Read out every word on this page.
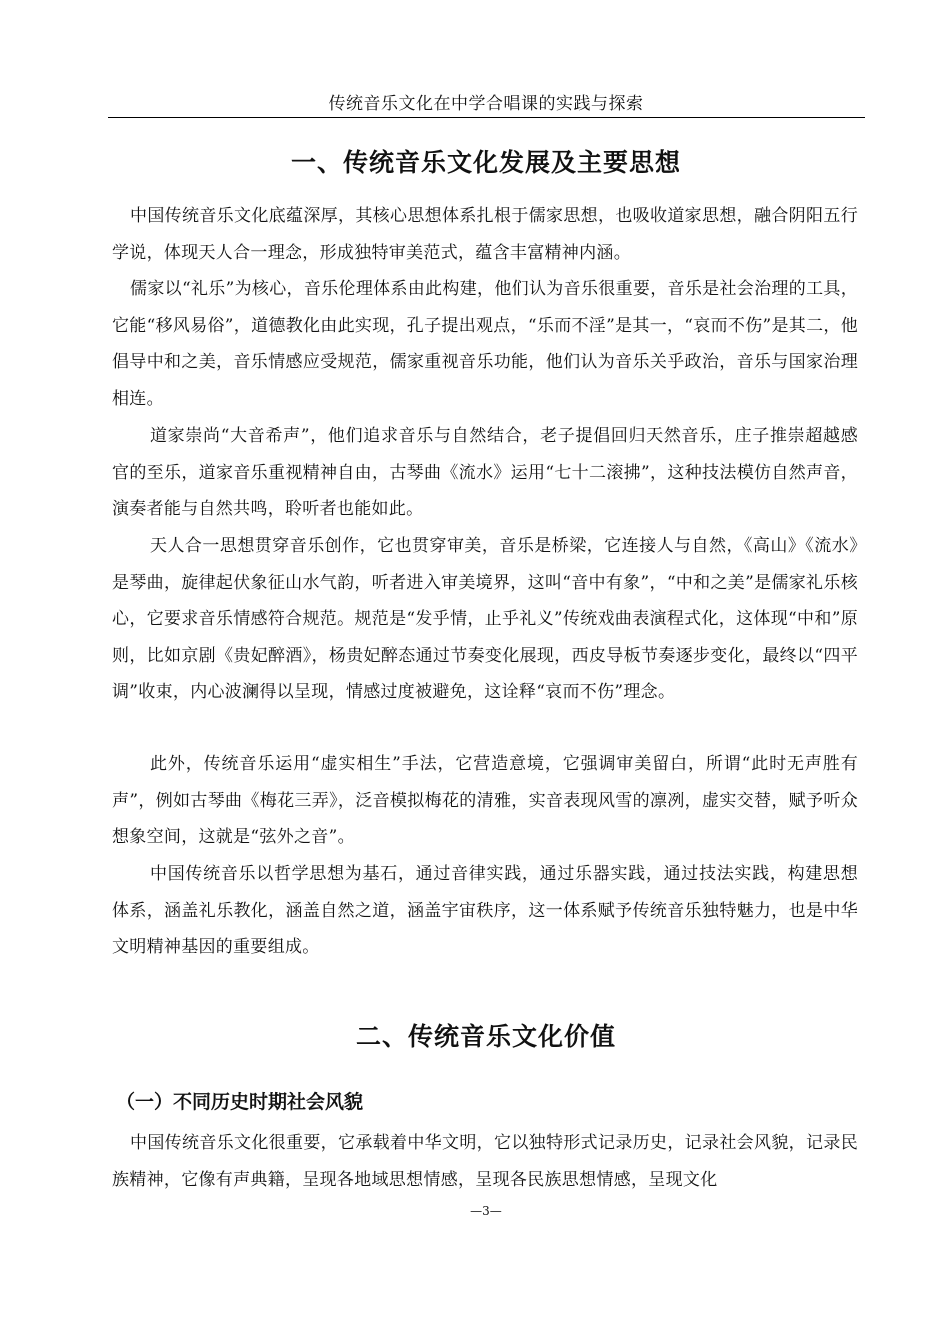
传统音乐文化在中学合唱课的实践与探索
一、传统音乐文化发展及主要思想

中国传统音乐文化底蕴深厚，其核心思想体系扎根于儒家思想，也吸收道家思想，融合阴阳五行学说，体现天人合一理念，形成独特审美范式，蕴含丰富精神内涵。

儒家以“礼乐”为核心，音乐伦理体系由此构建，他们认为音乐很重要，音乐是社会治理的工具，它能“移风易俗”，道德教化由此实现，孔子提出观点，“乐而不淫”是其一，“哀而不伤”是其二，他倡导中和之美，音乐情感应受规范，儒家重视音乐功能，他们认为音乐关乎政治，音乐与国家治理相连。

道家崇尚“大音希声”，他们追求音乐与自然结合，老子提倡回归天然音乐，庄子推崇超越感官的至乐，道家音乐重视精神自由，古琴曲《流水》运用“七十二滚拂”，这种技法模仿自然声音，演奏者能与自然共鸣，聆听者也能如此。

天人合一思想贯穿音乐创作，它也贯穿审美，音乐是桥梁，它连接人与自然，《高山》《流水》是琴曲，旋律起伏象征山水气韵，听者进入审美境界，这叫“音中有象”，“中和之美”是儒家礼乐核心，它要求音乐情感符合规范。规范是“发乎情，止乎礼义”传统戏曲表演程式化，这体现“中和”原则，比如京剧《贵妃醉酒》，杨贵妃醉态通过节奏变化展现，西皮导板节奏逐步变化，最终以“四平调”收束，内心波澜得以呈现，情感过度被避免，这诠释“哀而不伤”理念。

此外，传统音乐运用“虚实相生”手法，它营造意境，它强调审美留白，所谓“此时无声胜有声”，例如古琴曲《梅花三弄》，泛音模拟梅花的清雅，实音表现风雪的凛冽，虚实交替，赋予听众想象空间，这就是“弦外之音”。

中国传统音乐以哲学思想为基石，通过音律实践，通过乐器实践，通过技法实践，构建思想体系，涵盖礼乐教化，涵盖自然之道，涵盖宇宙秩序，这一体系赋予传统音乐独特魅力，也是中华文明精神基因的重要组成。

二、传统音乐文化价值
（一）不同历史时期社会风貌

中国传统音乐文化很重要，它承载着中华文明，它以独特形式记录历史，记录社会风貌，记录民族精神，它像有声典籍，呈现各地域思想情感，呈现各民族思想情感，呈现文化

—3—
